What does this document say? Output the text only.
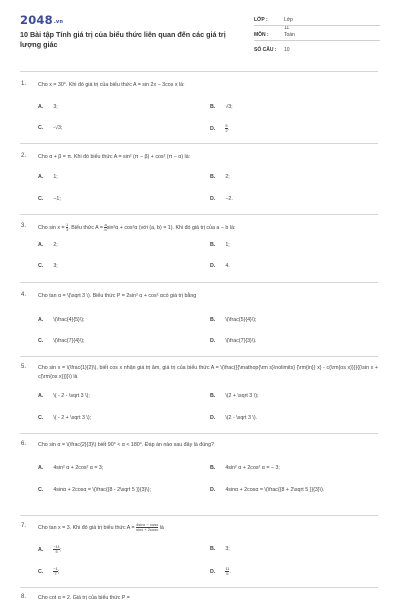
2048.vn
10 Bài tập Tính giá trị của biểu thức liên quan đến các giá trị lượng giác
LỚP :	Lớp 11
MÔN :	Toán
SỐ CÂU :	10
1. Cho x = 30°. Khi đó giá trị của biểu thức A = sin 2x − 3cos x là:
A. 3;	B. √3;
C. -√3;	D.	$\frac{5}{2}$ .
2. Cho α + β = π. Khi đó biểu thức A = sin² (π − β) + cos² (π − α) là:
A. 1;	B. 2;
C. −1;	D. −2.
3. Cho $\sin x = \frac{1}{3}$ . Biểu thức $A = \frac{a}{b} \sin^2\alpha + \cos^2\alpha$ (với (a, b) = 1). Khi đó giá trị của a − b là:
A. 2;	B. 1;
C. 3;	D. 4.
4. Cho tan α = \(\sqrt 3 \). Biểu thức P = 2sin² α + cos² αcó giá trị bằng
A. \(\frac{4}{5}\);	B. \(\frac{5}{4}\);
C. \(\frac{7}{4}\);	D. \(\frac{7}{3}\).
5. Cho sin x = \(\frac{1}{2}\), biết cos x nhận giá trị âm, giá trị của biểu thức A = \(\frac{{{\mathop{\rm s}\nolimits} {\rm{in}} x} - c{\rm{os x}}}}{{\sin x + c{\rm{os x}}}}\) là
A. \( - 2 - \sqrt 3 \);	B. \(2 + \sqrt 3 \);
C. \( - 2 + \sqrt 3 \);	D. \(2 - \sqrt 3 \).
6. Cho sin α = \(\frac{2}{3}\) biết 90° < α < 180°. Đáp án nào sau đây là đúng?
A. 4sin² α + 2cos² α = 3;	B. 4sin² α + 2cos² α = − 3;
C. 4sinα + 2cosα = \(\frac{{8 - 2\sqrt 5 }}{3}\);	D. 4sinα + 2cosα = \(\frac{{8 + 2\sqrt 5 }}{3}\).
7. Cho tan x = 3. Khi đó giá trị biểu thức $A = \frac{4\sin x - \cos x}{\sin x + 2\cos x}$ là
A.	$\frac{-11}{5}$ ;	B. 3;
C.	$\frac{-1}{7}$ ;	D.	$\frac{11}{5}$ .
8. Cho cot α = 2. Giá trị của biểu thức P =
